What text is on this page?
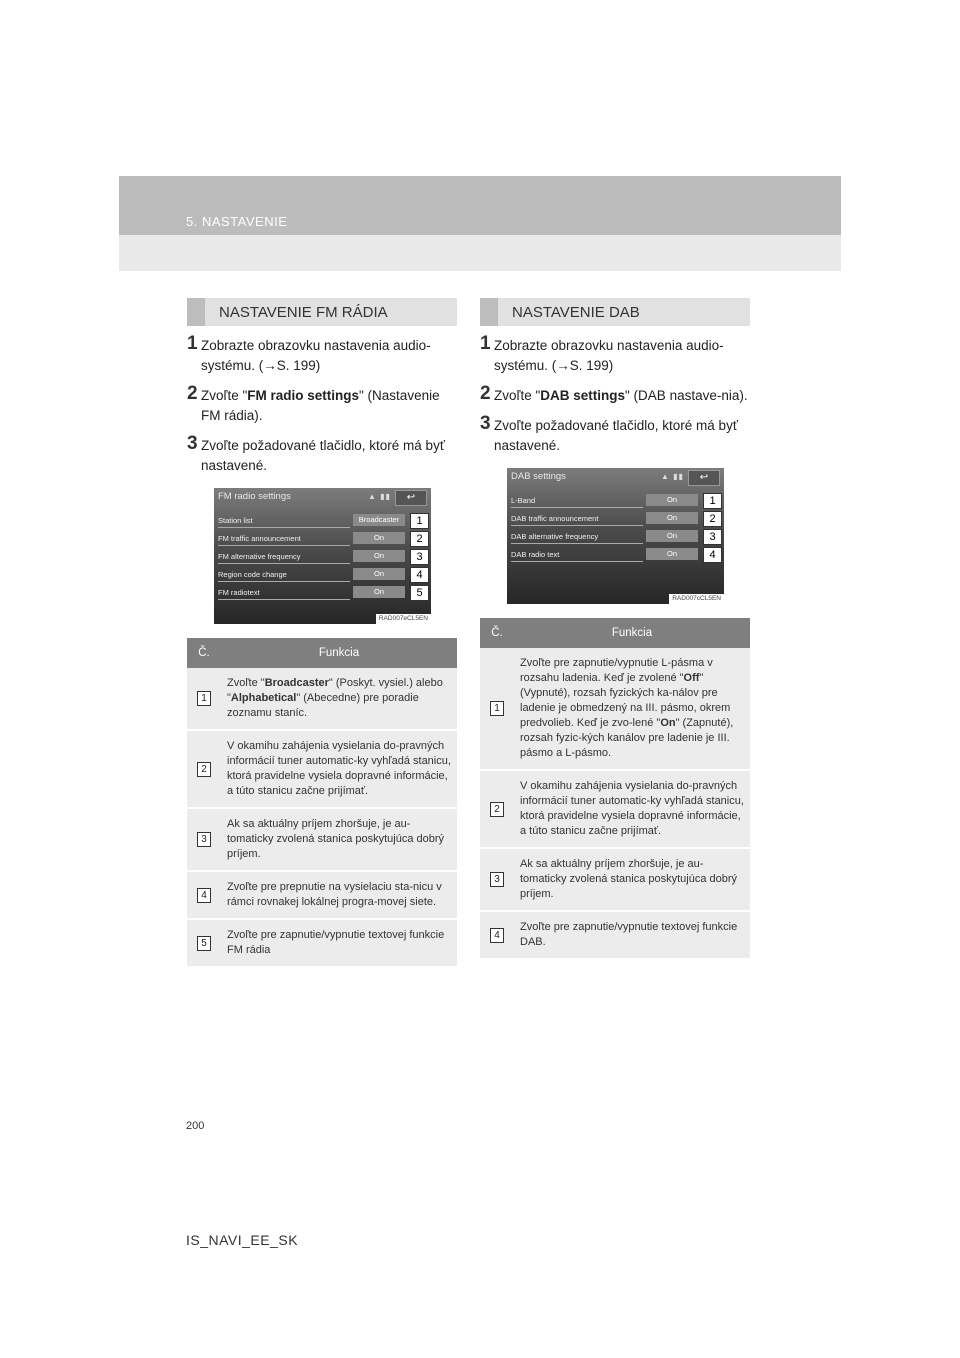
5. NASTAVENIE
NASTAVENIE FM RÁDIA
1 Zobrazte obrazovku nastavenia audio-systému. (→S. 199)
2 Zvoľte "FM radio settings" (Nastavenie FM rádia).
3 Zvoľte požadované tlačidlo, ktoré má byť nastavené.
FM radio settings	▲ ▮▮	↩
Station list	Broadcaster	1
FM traffic announcement	On	2
FM alternative frequency	On	3
Region code change	On	4
FM radiotext	On	5
RAD007eCL5EN
Č.	Funkcia
1	Zvoľte "Broadcaster" (Poskyt. vysiel.) alebo "Alphabetical" (Abecedne) pre poradie zoznamu staníc.
2	V okamihu zahájenia vysielania do-pravných informácií tuner automatic-ky vyhľadá stanicu, ktorá pravidelne vysiela dopravné informácie, a túto stanicu začne prijímať.
3	Ak sa aktuálny príjem zhoršuje, je au-tomaticky zvolená stanica poskytujúca dobrý príjem.
4	Zvoľte pre prepnutie na vysielaciu sta-nicu v rámci rovnakej lokálnej progra-movej siete.
5	Zvoľte pre zapnutie/vypnutie textovej funkcie FM rádia
NASTAVENIE DAB
1 Zobrazte obrazovku nastavenia audio-systému. (→S. 199)
2 Zvoľte "DAB settings" (DAB nastave-nia).
3 Zvoľte požadované tlačidlo, ktoré má byť nastavené.
DAB settings	▲ ▮▮	↩
L-Band	On	1
DAB traffic announcement	On	2
DAB alternative frequency	On	3
DAB radio text	On	4
RAD007cCL5EN
Č.	Funkcia
1	Zvoľte pre zapnutie/vypnutie L-pásma v rozsahu ladenia. Keď je zvolené "Off" (Vypnuté), rozsah fyzických ka-nálov pre ladenie je obmedzený na III. pásmo, okrem predvolieb. Keď je zvo-lené "On" (Zapnuté), rozsah fyzic-kých kanálov pre ladenie je III. pásmo a L-pásmo.
2	V okamihu zahájenia vysielania do-pravných informácií tuner automatic-ky vyhľadá stanicu, ktorá pravidelne vysiela dopravné informácie, a túto stanicu začne prijímať.
3	Ak sa aktuálny príjem zhoršuje, je au-tomaticky zvolená stanica poskytujúca dobrý príjem.
4	Zvoľte pre zapnutie/vypnutie textovej funkcie DAB.
200
IS_NAVI_EE_SK
